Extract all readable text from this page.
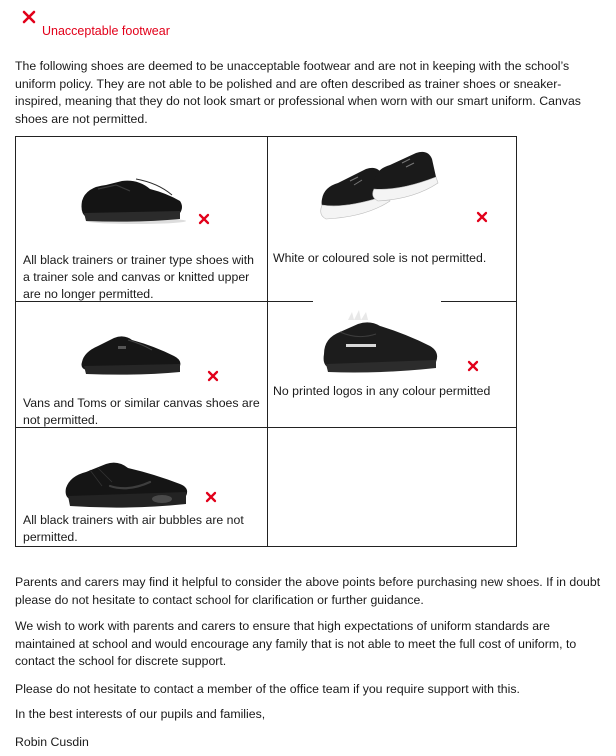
Unacceptable footwear

The following shoes are deemed to be unacceptable footwear and are not in keeping with the school’s uniform policy. They are not able to be polished and are often described as trainer shoes or sneaker-inspired, meaning that they do not look smart or professional when worn with our smart uniform. Canvas shoes are not permitted.

All black trainers or trainer type shoes with a trainer sole and canvas or knitted upper are no longer permitted.

White or coloured sole is not permitted.

Vans and Toms or similar canvas shoes are not permitted.

No printed logos in any colour permitted

All black trainers with air bubbles are not permitted.

Parents and carers may find it helpful to consider the above points before purchasing new shoes. If in doubt please do not hesitate to contact school for clarification or further guidance.

We wish to work with parents and carers to ensure that high expectations of uniform standards are maintained at school and would encourage any family that is not able to meet the full cost of uniform, to contact the school for discrete support.

Please do not hesitate to contact a member of the office team if you require support with this.

In the best interests of our pupils and families,

Robin Cusdin
